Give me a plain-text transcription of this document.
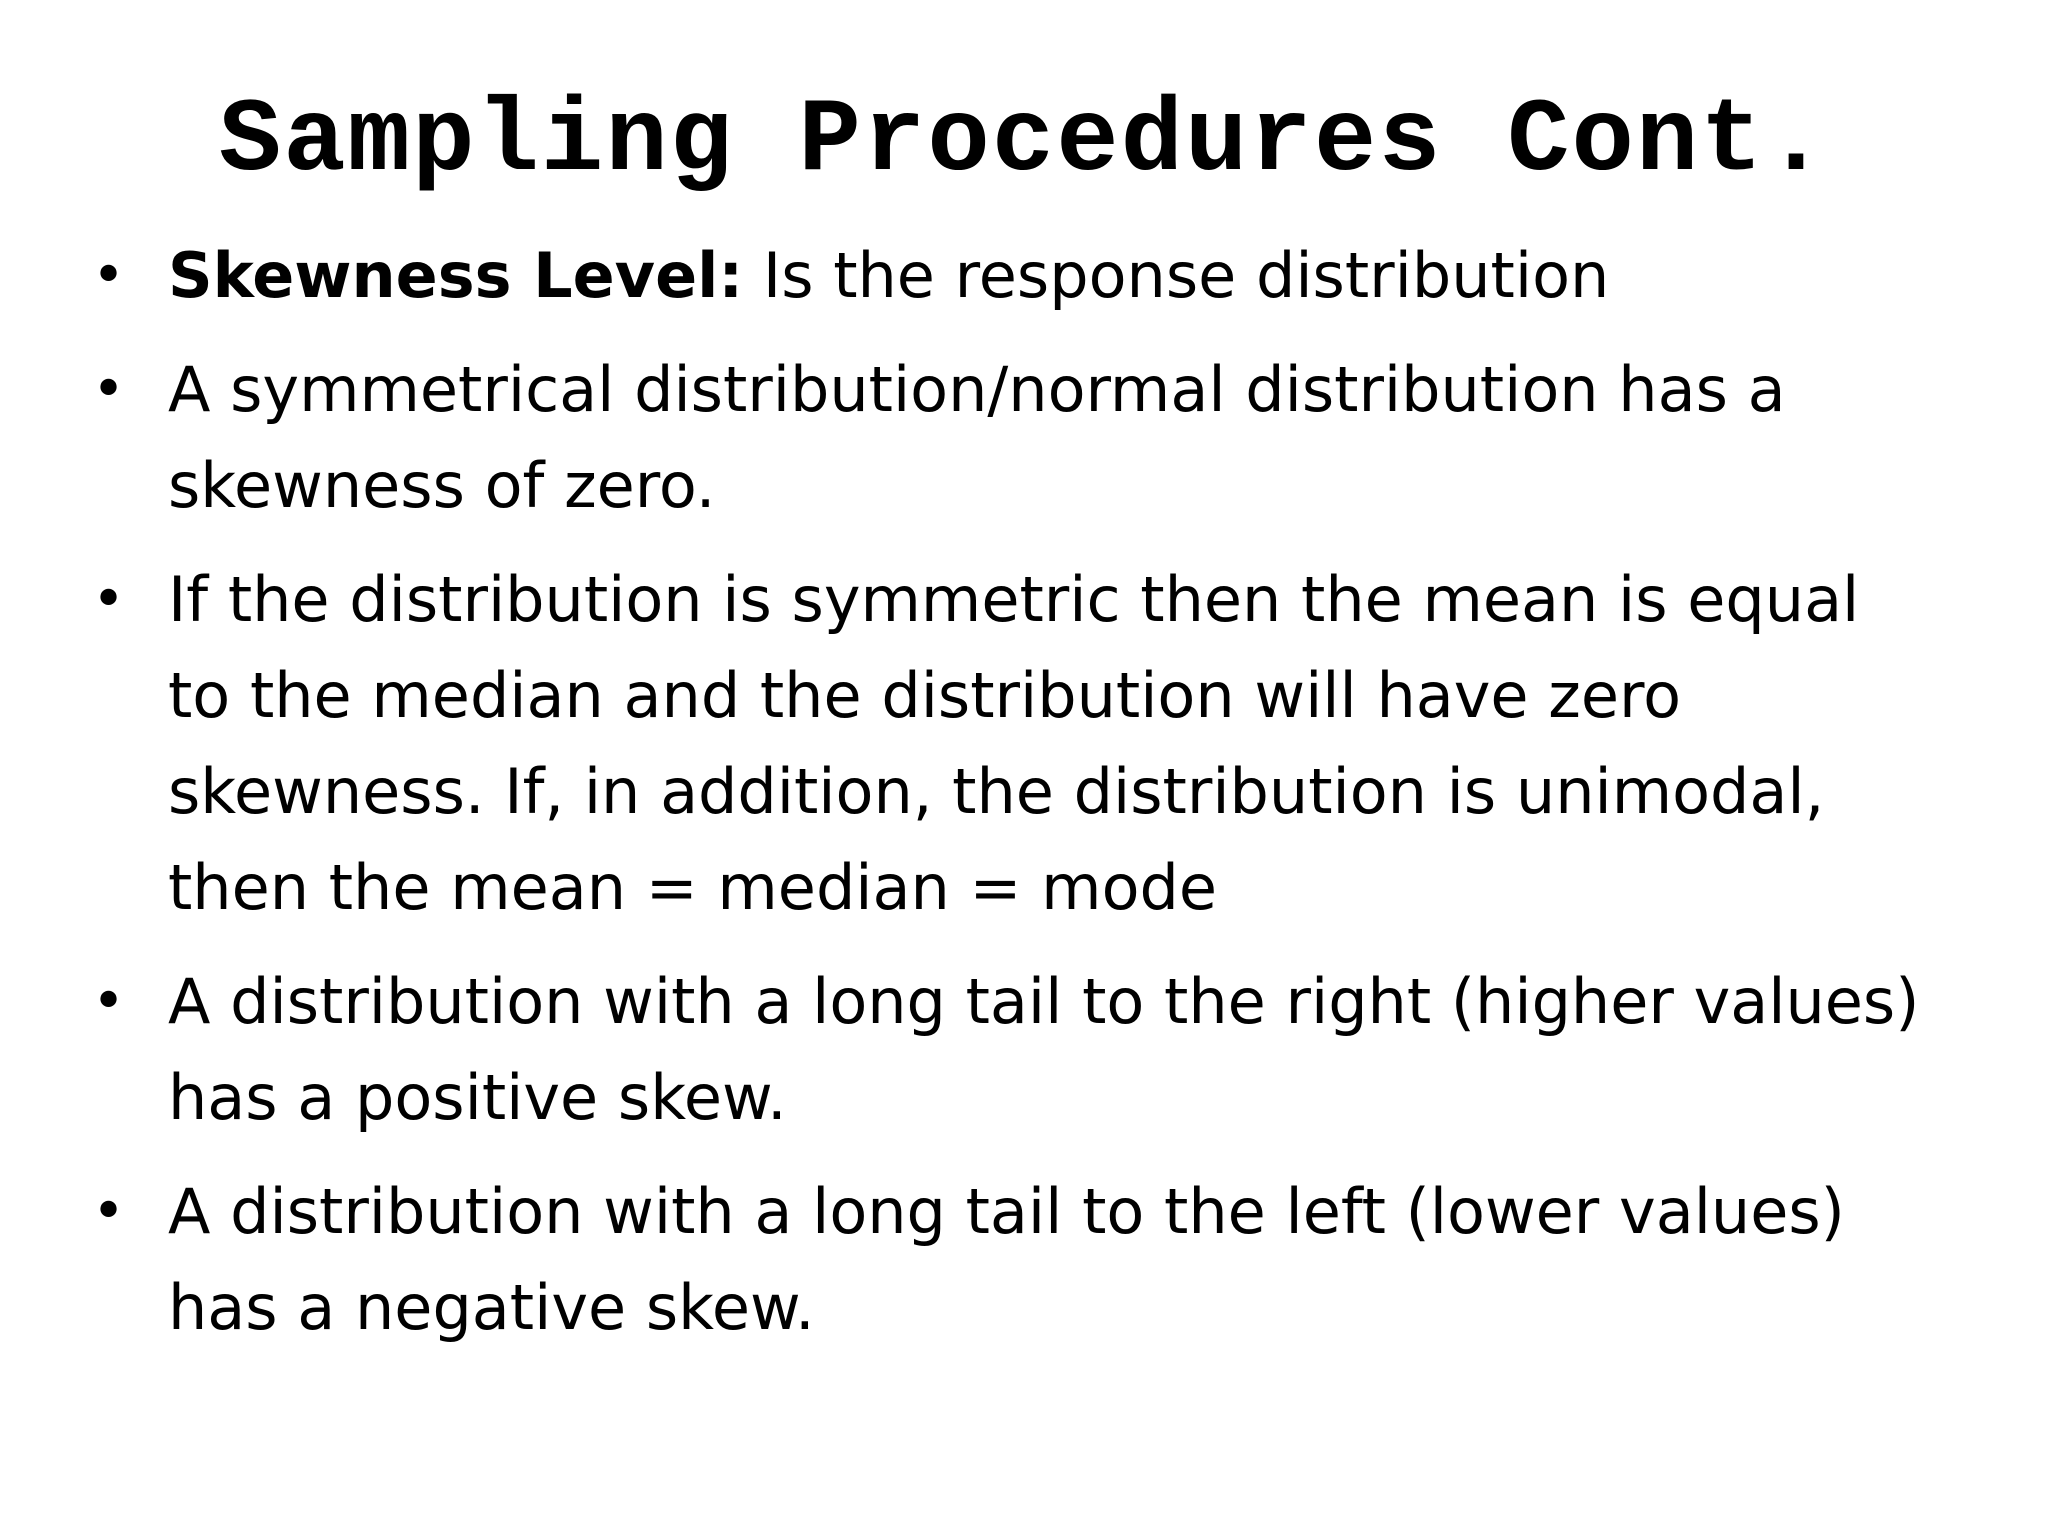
Sampling Procedures Cont.
• Skewness Level: Is the response distribution
• A symmetrical distribution/normal distribution has a
skewness of zero.
• If the distribution is symmetric then the mean is equal
to the median and the distribution will have zero
skewness. If, in addition, the distribution is unimodal,
then the mean = median = mode
• A distribution with a long tail to the right (higher values)
has a positive skew.
• A distribution with a long tail to the left (lower values)
has a negative skew.
